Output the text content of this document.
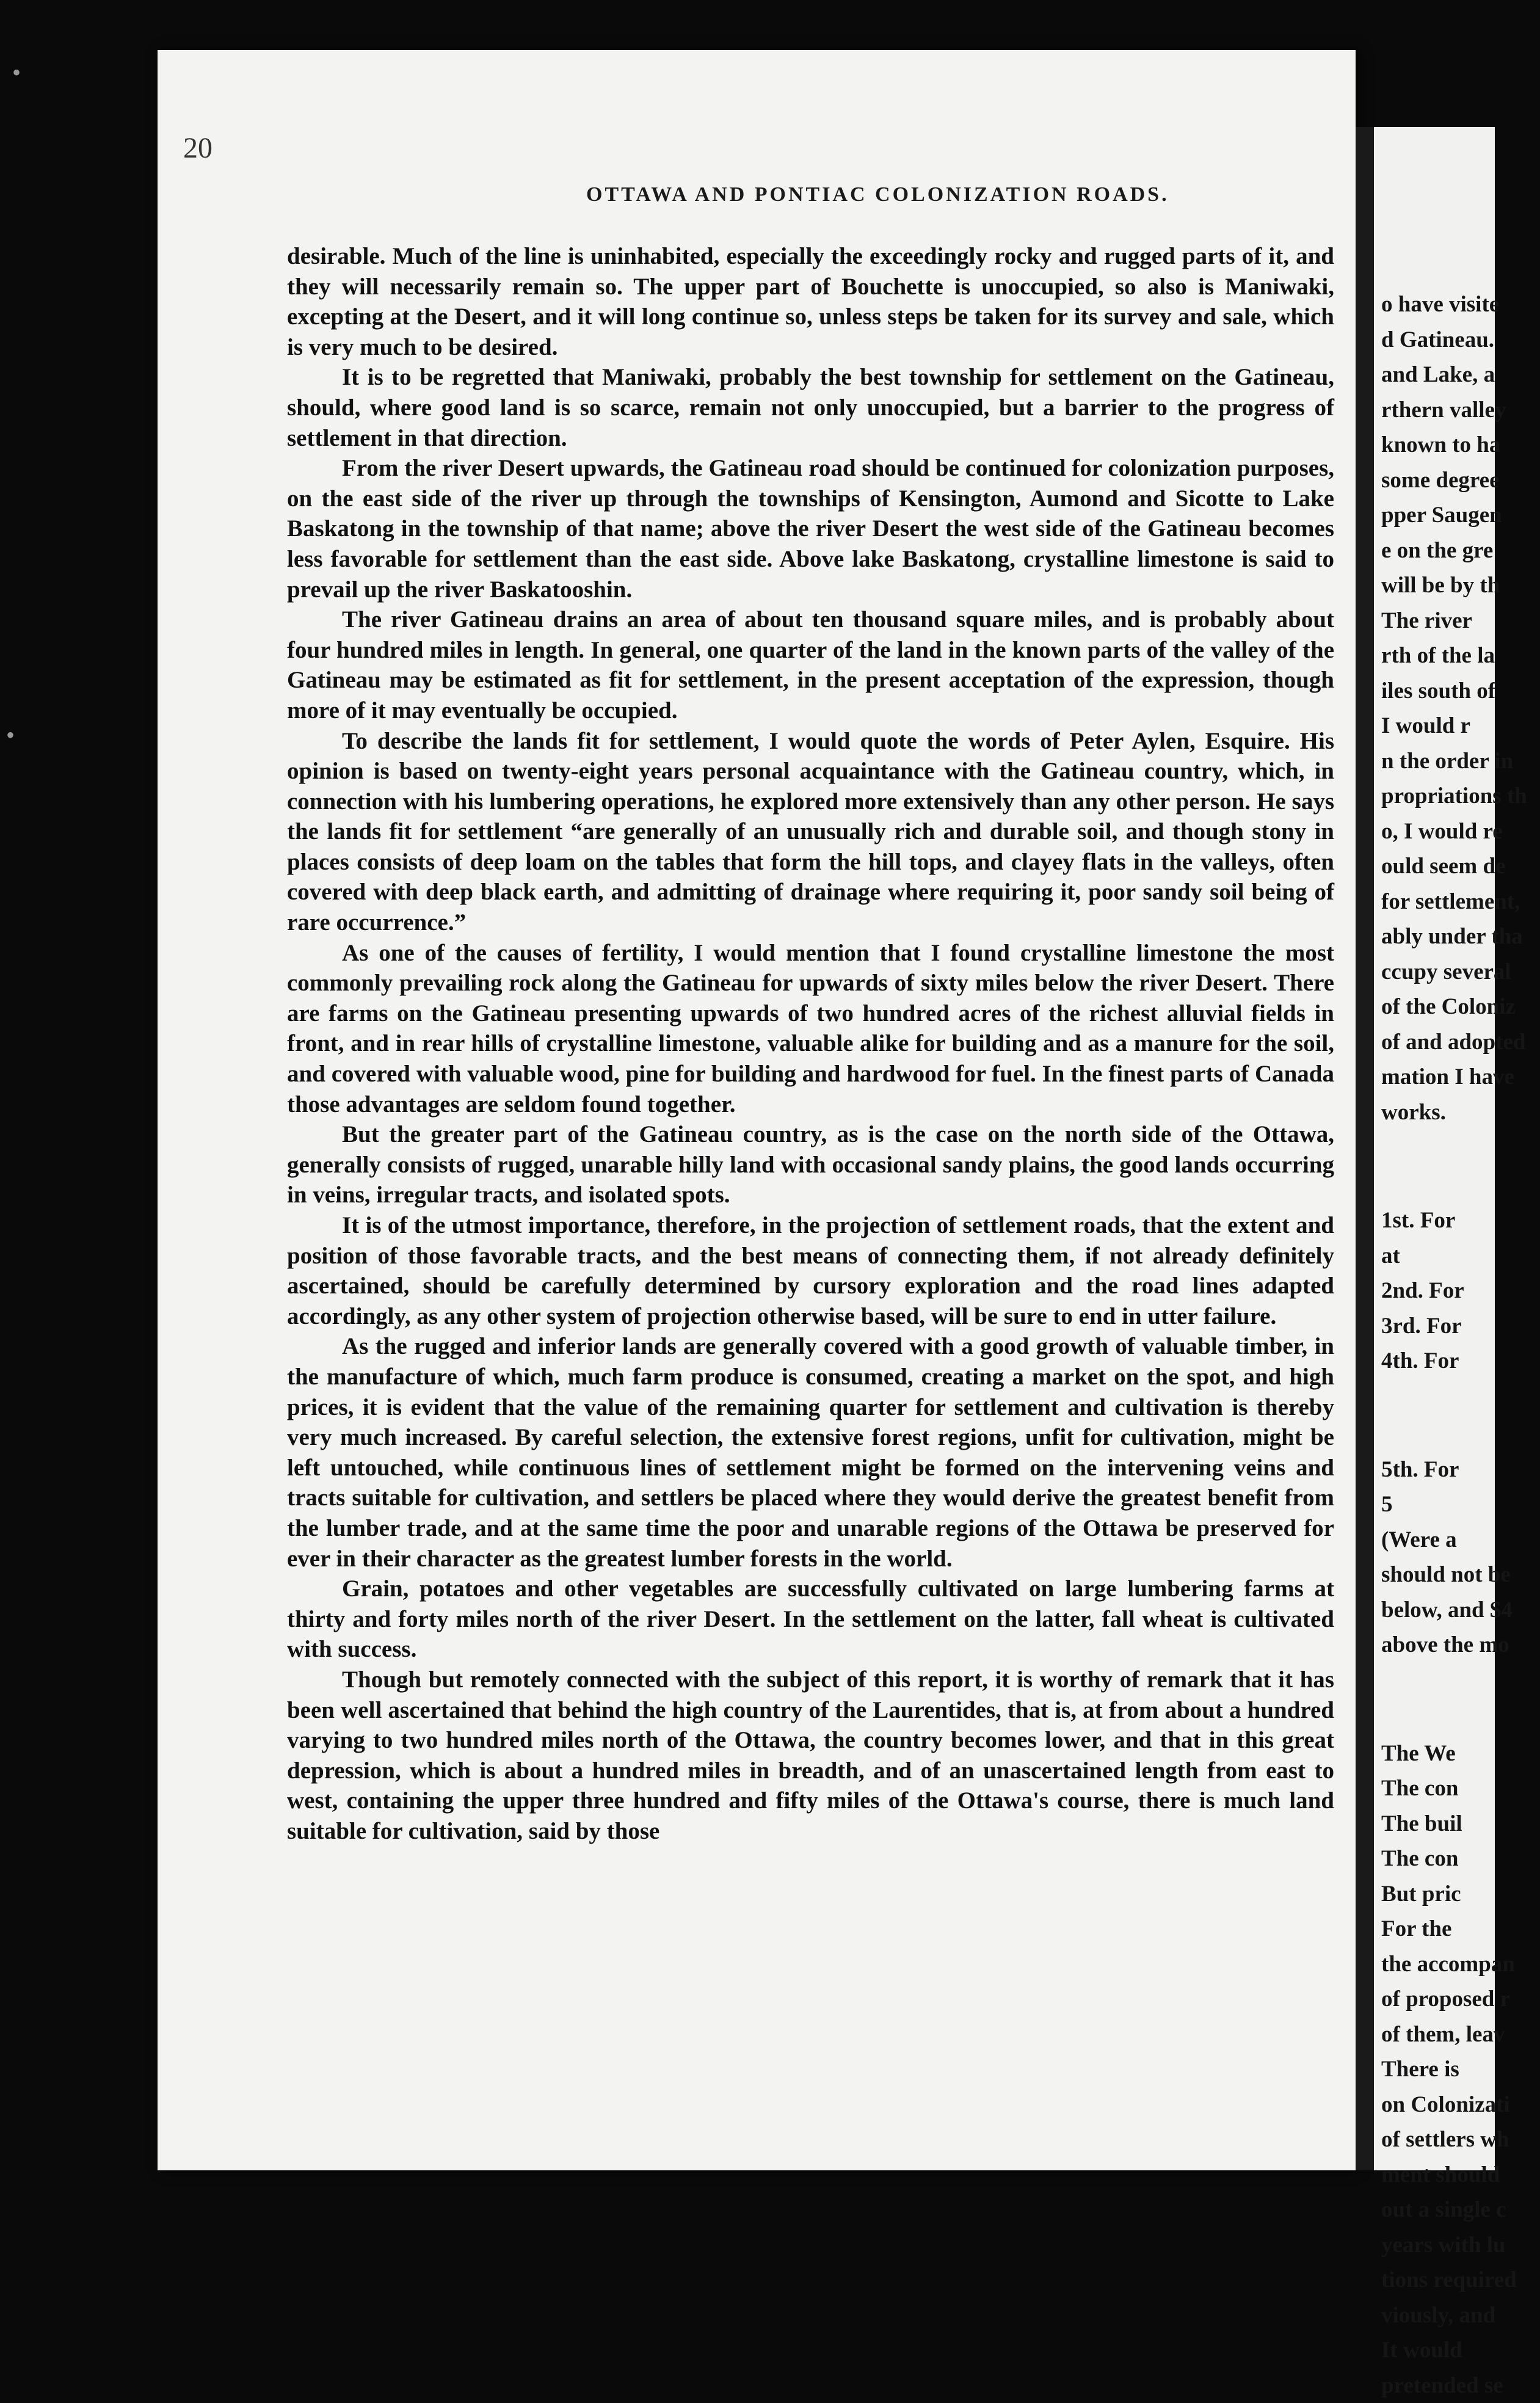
•
•
20
OTTAWA AND PONTIAC COLONIZATION ROADS.

desirable. Much of the line is uninhabited, especially the exceedingly rocky and rugged parts of it, and they will necessarily remain so. The upper part of Bouchette is unoccupied, so also is Maniwaki, excepting at the Desert, and it will long continue so, unless steps be taken for its survey and sale, which is very much to be desired.

It is to be regretted that Maniwaki, probably the best township for settlement on the Gatineau, should, where good land is so scarce, remain not only unoccupied, but a barrier to the progress of settlement in that direction.

From the river Desert upwards, the Gatineau road should be continued for colonization purposes, on the east side of the river up through the townships of Kensington, Aumond and Sicotte to Lake Baskatong in the township of that name; above the river Desert the west side of the Gatineau becomes less favorable for settlement than the east side. Above lake Baskatong, crystalline limestone is said to prevail up the river Baskatooshin.

The river Gatineau drains an area of about ten thousand square miles, and is probably about four hundred miles in length. In general, one quarter of the land in the known parts of the valley of the Gatineau may be estimated as fit for settlement, in the present acceptation of the expression, though more of it may eventually be occupied.

To describe the lands fit for settlement, I would quote the words of Peter Aylen, Esquire. His opinion is based on twenty-eight years personal acquaintance with the Gatineau country, which, in connection with his lumbering operations, he explored more extensively than any other person. He says the lands fit for settlement “are generally of an unusually rich and durable soil, and though stony in places consists of deep loam on the tables that form the hill tops, and clayey flats in the valleys, often covered with deep black earth, and admitting of drainage where requiring it, poor sandy soil being of rare occurrence.”

As one of the causes of fertility, I would mention that I found crystalline limestone the most commonly prevailing rock along the Gatineau for upwards of sixty miles below the river Desert. There are farms on the Gatineau presenting upwards of two hundred acres of the richest alluvial fields in front, and in rear hills of crystalline limestone, valuable alike for building and as a manure for the soil, and covered with valuable wood, pine for building and hardwood for fuel. In the finest parts of Canada those advantages are seldom found together.

But the greater part of the Gatineau country, as is the case on the north side of the Ottawa, generally consists of rugged, unarable hilly land with occasional sandy plains, the good lands occurring in veins, irregular tracts, and isolated spots.

It is of the utmost importance, therefore, in the projection of settlement roads, that the extent and position of those favorable tracts, and the best means of connecting them, if not already definitely ascertained, should be carefully determined by cursory exploration and the road lines adapted accordingly, as any other system of projection otherwise based, will be sure to end in utter failure.

As the rugged and inferior lands are generally covered with a good growth of valuable timber, in the manufacture of which, much farm produce is consumed, creating a market on the spot, and high prices, it is evident that the value of the remaining quarter for settlement and cultivation is thereby very much increased. By careful selection, the extensive forest regions, unfit for cultivation, might be left untouched, while continuous lines of settlement might be formed on the intervening veins and tracts suitable for cultivation, and settlers be placed where they would derive the greatest benefit from the lumber trade, and at the same time the poor and unarable regions of the Ottawa be preserved for ever in their character as the greatest lumber forests in the world.

Grain, potatoes and other vegetables are successfully cultivated on large lumbering farms at thirty and forty miles north of the river Desert. In the settlement on the latter, fall wheat is cultivated with success.

Though but remotely connected with the subject of this report, it is worthy of remark that it has been well ascertained that behind the high country of the Laurentides, that is, at from about a hundred varying to two hundred miles north of the Ottawa, the country becomes lower, and that in this great depression, which is about a hundred miles in breadth, and of an unascertained length from east to west, containing the upper three hundred and fifty miles of the Ottawa's course, there is much land suitable for cultivation, said by those

o have visite
d Gatineau.
and Lake, a
rthern valley
known to ha
some degree
pper Saugen
e on the gre
will be by th
The river
rth of the la
iles south of
I would r
n the order in
propriations th
o, I would re
ould seem de
for settlement,
ably under tha
ccupy several
of the Coloniz
of and adopted
mation I have
works.
1st. For
at
2nd. For
3rd. For
4th. For
5th. For
5
(Were a
should not be
below, and $4
above the mo
The We
The con
The buil
The con
But pric
For the
the accompan
of proposed r
of them, leav
There is
on Colonizati
of settlers wh
ment should
out a single c
years with lu
tions required
viously, and
It would
pretended se
